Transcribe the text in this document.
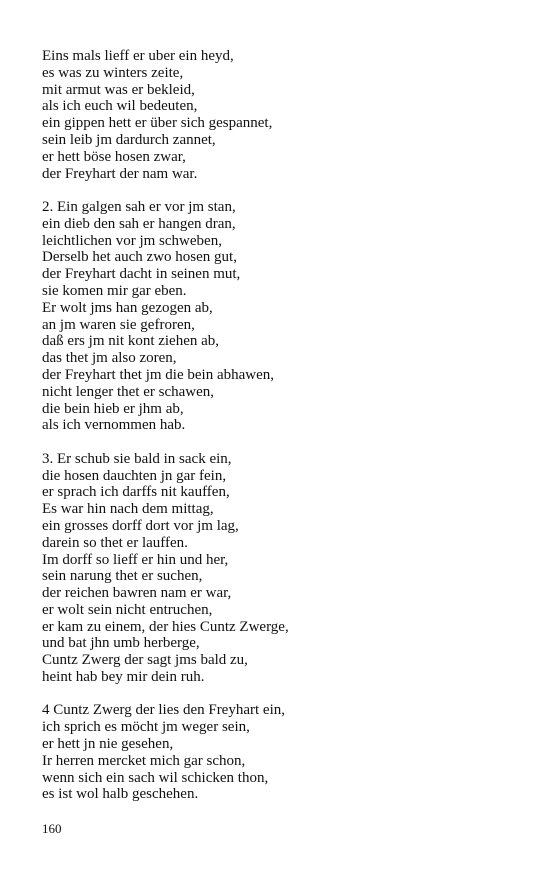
Eins mals lieff er uber ein heyd,
es was zu winters zeite,
mit armut was er bekleid,
als ich euch wil bedeuten,
ein gippen hett er über sich gespannet,
sein leib jm dardurch zannet,
er hett böse hosen zwar,
der Freyhart der nam war.
2. Ein galgen sah er vor jm stan,
ein dieb den sah er hangen dran,
leichtlichen vor jm schweben,
Derselb het auch zwo hosen gut,
der Freyhart dacht in seinen mut,
sie komen mir gar eben.
Er wolt jms han gezogen ab,
an jm waren sie gefroren,
daß ers jm nit kont ziehen ab,
das thet jm also zoren,
der Freyhart thet jm die bein abhawen,
nicht lenger thet er schawen,
die bein hieb er jhm ab,
als ich vernommen hab.
3. Er schub sie bald in sack ein,
die hosen dauchten jn gar fein,
er sprach ich darffs nit kauffen,
Es war hin nach dem mittag,
ein grosses dorff dort vor jm lag,
darein so thet er lauffen.
Im dorff so lieff er hin und her,
sein narung thet er suchen,
der reichen bawren nam er war,
er wolt sein nicht entruchen,
er kam zu einem, der hies Cuntz Zwerge,
und bat jhn umb herberge,
Cuntz Zwerg der sagt jms bald zu,
heint hab bey mir dein ruh.
4 Cuntz Zwerg der lies den Freyhart ein,
ich sprich es möcht jm weger sein,
er hett jn nie gesehen,
Ir herren mercket mich gar schon,
wenn sich ein sach wil schicken thon,
es ist wol halb geschehen.
160
